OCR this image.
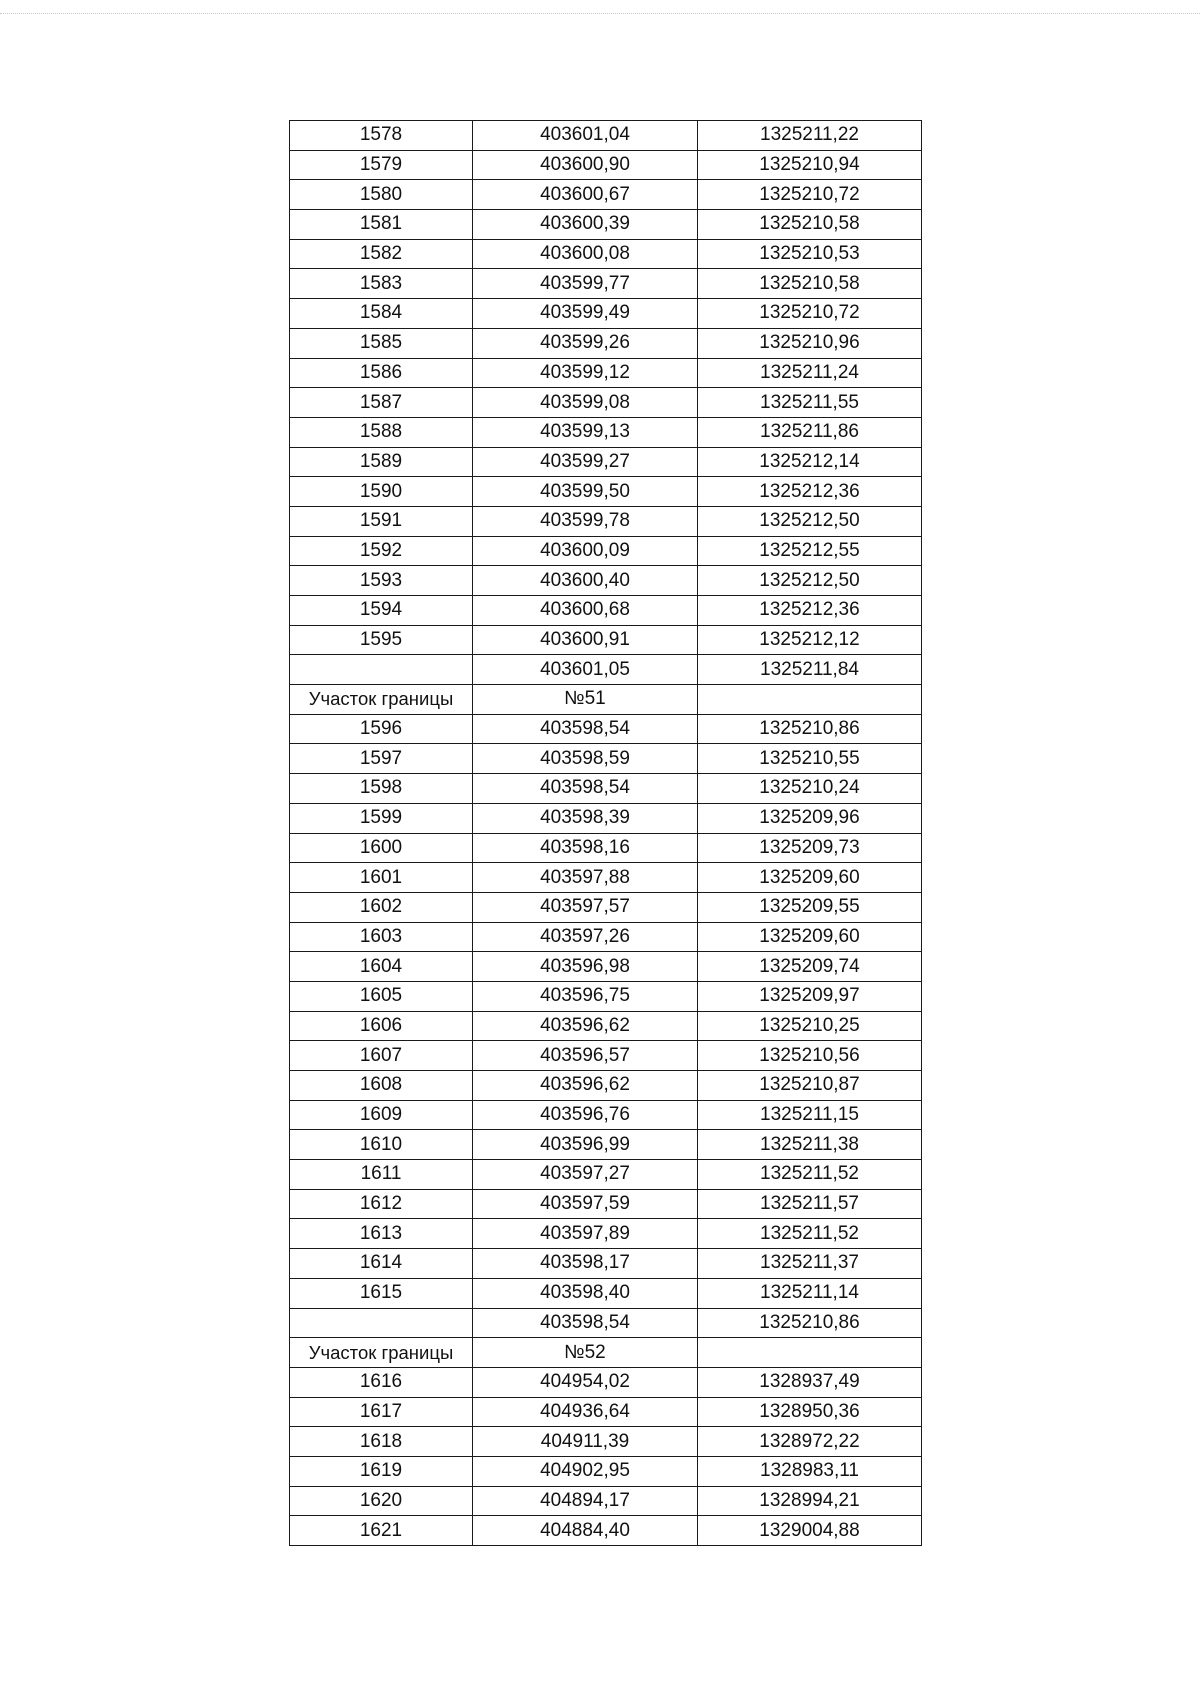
1578	403601,04	1325211,22
1579	403600,90	1325210,94
1580	403600,67	1325210,72
1581	403600,39	1325210,58
1582	403600,08	1325210,53
1583	403599,77	1325210,58
1584	403599,49	1325210,72
1585	403599,26	1325210,96
1586	403599,12	1325211,24
1587	403599,08	1325211,55
1588	403599,13	1325211,86
1589	403599,27	1325212,14
1590	403599,50	1325212,36
1591	403599,78	1325212,50
1592	403600,09	1325212,55
1593	403600,40	1325212,50
1594	403600,68	1325212,36
1595	403600,91	1325212,12
	403601,05	1325211,84
Участок границы	№51	
1596	403598,54	1325210,86
1597	403598,59	1325210,55
1598	403598,54	1325210,24
1599	403598,39	1325209,96
1600	403598,16	1325209,73
1601	403597,88	1325209,60
1602	403597,57	1325209,55
1603	403597,26	1325209,60
1604	403596,98	1325209,74
1605	403596,75	1325209,97
1606	403596,62	1325210,25
1607	403596,57	1325210,56
1608	403596,62	1325210,87
1609	403596,76	1325211,15
1610	403596,99	1325211,38
1611	403597,27	1325211,52
1612	403597,59	1325211,57
1613	403597,89	1325211,52
1614	403598,17	1325211,37
1615	403598,40	1325211,14
	403598,54	1325210,86
Участок границы	№52	
1616	404954,02	1328937,49
1617	404936,64	1328950,36
1618	404911,39	1328972,22
1619	404902,95	1328983,11
1620	404894,17	1328994,21
1621	404884,40	1329004,88
